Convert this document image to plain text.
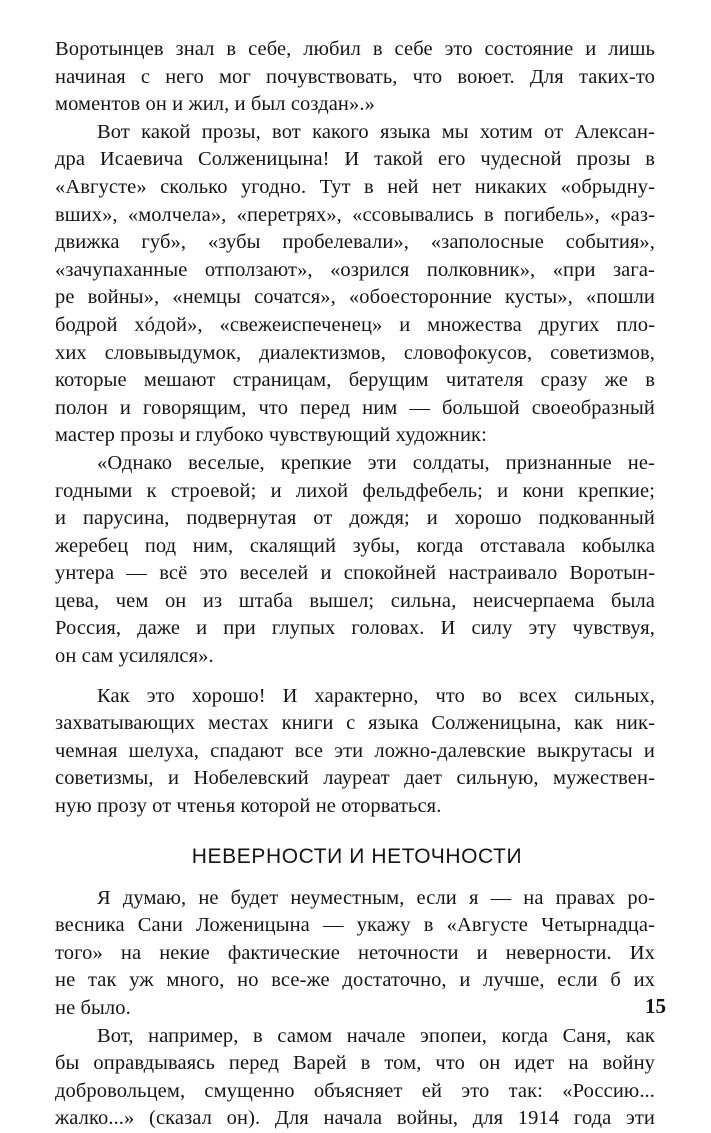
Воротынцев знал в себе, любил в себе это состояние и лишь
начиная с него мог почувствовать, что воюет. Для таких-то
моментов он и жил, и был создан».»
Вот какой прозы, вот какого языка мы хотим от Алексан-
дра Исаевича Солженицына! И такой его чудесной прозы в
«Августе» сколько угодно. Тут в ней нет никаких «обрыдну-
вших», «молчела», «перетрях», «ссовывались в погибель», «раз-
движка губ», «зубы пробелевали», «заполосные события»,
«зачупаханные отползают», «озрился полковник», «при зага-
ре войны», «немцы сочатся», «обоесторонние кусты», «пошли
бодрой хóдой», «свежеиспеченец» и множества других пло-
хих словывыдумок, диалектизмов, словофокусов, советизмов,
которые мешают страницам, берущим читателя сразу же в
полон и говорящим, что перед ним — большой своеобразный
мастер прозы и глубоко чувствующий художник:
«Однако веселые, крепкие эти солдаты, признанные не-
годными к строевой; и лихой фельдфебель; и кони крепкие;
и парусина, подвернутая от дождя; и хорошо подкованный
жеребец под ним, скалящий зубы, когда отставала кобылка
унтера — всё это веселей и спокойней настраивало Воротын-
цева, чем он из штаба вышел; сильна, неисчерпаема была
Россия, даже и при глупых головах. И силу эту чувствуя,
он сам усилялся».
Как это хорошо! И характерно, что во всех сильных,
захватывающих местах книги с языка Солженицына, как ник-
чемная шелуха, спадают все эти ложно-далевские выкрутасы и
советизмы, и Нобелевский лауреат дает сильную, мужествен-
ную прозу от чтенья которой не оторваться.
НЕВЕРНОСТИ И НЕТОЧНОСТИ
Я думаю, не будет неуместным, если я — на правах ро-
весника Сани Ложеницына — укажу в «Августе Четырнадца-
того» на некие фактические неточности и неверности. Их
не так уж много, но все-же достаточно, и лучше, если б их
не было.
Вот, например, в самом начале эпопеи, когда Саня, как
бы оправдываясь перед Варей в том, что он идет на войну
добровольцем, смущенно объясняет ей это так: «Россию...
жалко...» (сказал он). Для начала войны, для 1914 года эти
15
